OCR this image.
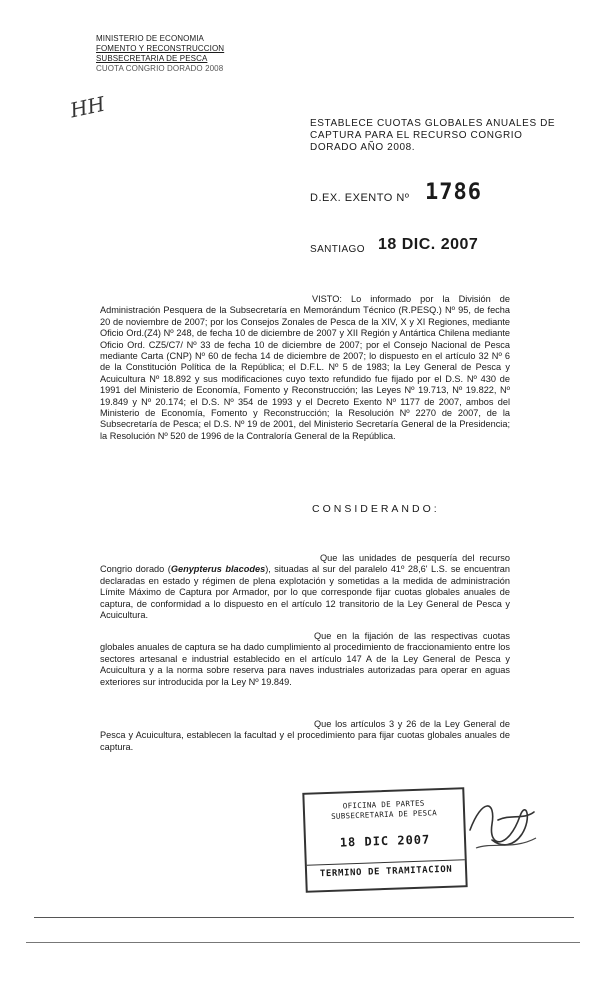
MINISTERIO DE ECONOMIA
FOMENTO Y RECONSTRUCCION
SUBSECRETARIA DE PESCA
CUOTA CONGRIO DORADO 2008
HH
ESTABLECE CUOTAS GLOBALES ANUALES DE CAPTURA PARA EL RECURSO CONGRIO DORADO AÑO 2008.
D.EX. EXENTO Nº 1786
SANTIAGO 18 DIC. 2007
VISTO: Lo informado por la División de Administración Pesquera de la Subsecretaría en Memorándum Técnico (R.PESQ.) Nº 95, de fecha 20 de noviembre de 2007; por los Consejos Zonales de Pesca de la XIV, X y XI Regiones, mediante Oficio Ord.(Z4) Nº 248, de fecha 10 de diciembre de 2007 y XII Región y Antártica Chilena mediante Oficio Ord. CZ5/C7/ Nº 33 de fecha 10 de diciembre de 2007; por el Consejo Nacional de Pesca mediante Carta (CNP) Nº 60 de fecha 14 de diciembre de 2007; lo dispuesto en el artículo 32 Nº 6 de la Constitución Política de la República; el D.F.L. Nº 5 de 1983; la Ley General de Pesca y Acuicultura Nº 18.892 y sus modificaciones cuyo texto refundido fue fijado por el D.S. Nº 430 de 1991 del Ministerio de Economía, Fomento y Reconstrucción; las Leyes Nº 19.713, Nº 19.822, Nº 19.849 y Nº 20.174; el D.S. Nº 354 de 1993 y el Decreto Exento Nº 1177 de 2007, ambos del Ministerio de Economía, Fomento y Reconstrucción; la Resolución Nº 2270 de 2007, de la Subsecretaría de Pesca; el D.S. Nº 19 de 2001, del Ministerio Secretaría General de la Presidencia; la Resolución Nº 520 de 1996 de la Contraloría General de la República.
CONSIDERANDO:
Que las unidades de pesquería del recurso Congrio dorado (Genypterus blacodes), situadas al sur del paralelo 41º 28,6' L.S. se encuentran declaradas en estado y régimen de plena explotación y sometidas a la medida de administración Límite Máximo de Captura por Armador, por lo que corresponde fijar cuotas globales anuales de captura, de conformidad a lo dispuesto en el artículo 12 transitorio de la Ley General de Pesca y Acuicultura.
Que en la fijación de las respectivas cuotas globales anuales de captura se ha dado cumplimiento al procedimiento de fraccionamiento entre los sectores artesanal e industrial establecido en el artículo 147 A de la Ley General de Pesca y Acuicultura y a la norma sobre reserva para naves industriales autorizadas para operar en aguas exteriores sur introducida por la Ley Nº 19.849.
Que los artículos 3 y 26 de la Ley General de Pesca y Acuicultura, establecen la facultad y el procedimiento para fijar cuotas globales anuales de captura.
OFICINA DE PARTES
SUBSECRETARIA DE PESCA
18 DIC 2007
TERMINO DE TRAMITACION
